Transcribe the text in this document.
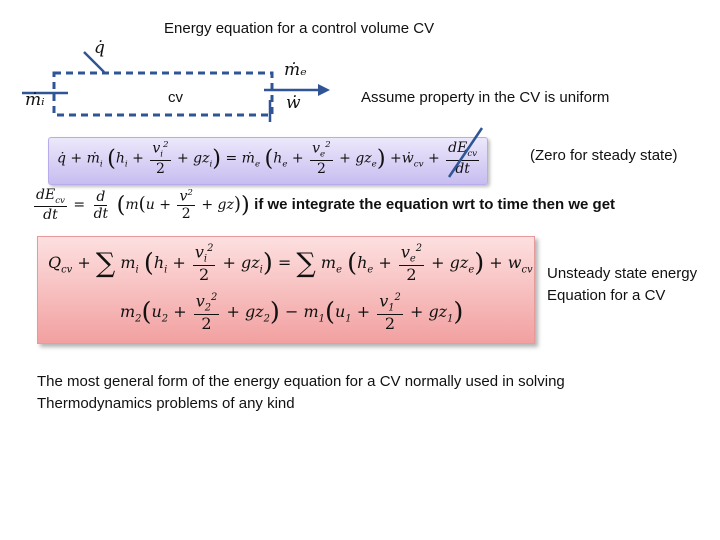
Energy equation for a control volume CV
q̇
ṁᵢ
ṁₑ
ẇ
cv	Assume property in the CV is uniform
q̇ + ṁ$_i$ $(h_i + \frac{v_i^2}{2} + gz_i)$ = ṁ$_e$ $(h_e + \frac{v_e^2}{2} + gz_e)$ +ẇ$_{cv}$ + $\frac{dE_{cv}}{dt}$	(Zero for steady state)
$\frac{dE_{cv}}{dt} = \frac{d}{dt} (m(u + \frac{v^2}{2} + gz))$ if we integrate the equation wrt to time then we get
$Q_{cv}$ + ∑ $m_i$ $(h_i + \frac{v_i^2}{2} + gz_i)$ = ∑ $m_e$ $(h_e + \frac{v_e^2}{2} + gz_e) + w_{cv}$
$m_2(u_2 + \frac{v_2^2}{2} + gz_2) - m_1(u_1 + \frac{v_1^2}{2} + gz_1)$
Unsteady state energy
Equation for a CV
The most general form of the energy equation for a CV normally used in solving Thermodynamics problems of any kind
